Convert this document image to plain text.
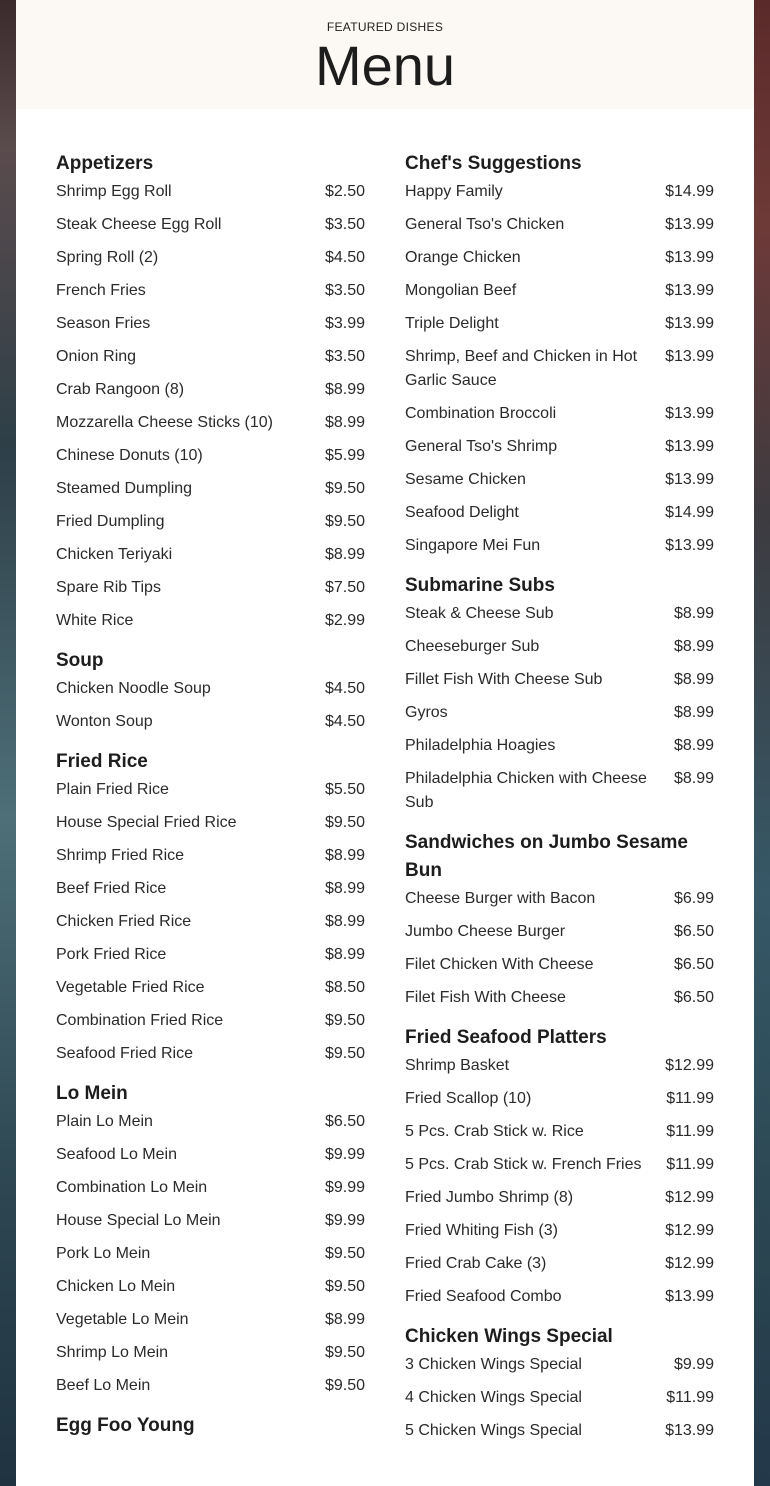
FEATURED DISHES
Menu
Appetizers
Shrimp Egg Roll	$2.50
Steak Cheese Egg Roll	$3.50
Spring Roll (2)	$4.50
French Fries	$3.50
Season Fries	$3.99
Onion Ring	$3.50
Crab Rangoon (8)	$8.99
Mozzarella Cheese Sticks (10)	$8.99
Chinese Donuts (10)	$5.99
Steamed Dumpling	$9.50
Fried Dumpling	$9.50
Chicken Teriyaki	$8.99
Spare Rib Tips	$7.50
White Rice	$2.99
Soup
Chicken Noodle Soup	$4.50
Wonton Soup	$4.50
Fried Rice
Plain Fried Rice	$5.50
House Special Fried Rice	$9.50
Shrimp Fried Rice	$8.99
Beef Fried Rice	$8.99
Chicken Fried Rice	$8.99
Pork Fried Rice	$8.99
Vegetable Fried Rice	$8.50
Combination Fried Rice	$9.50
Seafood Fried Rice	$9.50
Lo Mein
Plain Lo Mein	$6.50
Seafood Lo Mein	$9.99
Combination Lo Mein	$9.99
House Special Lo Mein	$9.99
Pork Lo Mein	$9.50
Chicken Lo Mein	$9.50
Vegetable Lo Mein	$8.99
Shrimp Lo Mein	$9.50
Beef Lo Mein	$9.50
Egg Foo Young
Chef's Suggestions
Happy Family	$14.99
General Tso's Chicken	$13.99
Orange Chicken	$13.99
Mongolian Beef	$13.99
Triple Delight	$13.99
Shrimp, Beef and Chicken in Hot Garlic Sauce
$13.99
Combination Broccoli	$13.99
General Tso's Shrimp	$13.99
Sesame Chicken	$13.99
Seafood Delight	$14.99
Singapore Mei Fun	$13.99
Submarine Subs
Steak & Cheese Sub	$8.99
Cheeseburger Sub	$8.99
Fillet Fish With Cheese Sub	$8.99
Gyros	$8.99
Philadelphia Hoagies	$8.99
Philadelphia Chicken with Cheese Sub
$8.99
Sandwiches on Jumbo Sesame Bun
Cheese Burger with Bacon	$6.99
Jumbo Cheese Burger	$6.50
Filet Chicken With Cheese	$6.50
Filet Fish With Cheese	$6.50
Fried Seafood Platters
Shrimp Basket	$12.99
Fried Scallop (10)	$11.99
5 Pcs. Crab Stick w. Rice	$11.99
5 Pcs. Crab Stick w. French Fries	$11.99
Fried Jumbo Shrimp (8)	$12.99
Fried Whiting Fish (3)	$12.99
Fried Crab Cake (3)	$12.99
Fried Seafood Combo	$13.99
Chicken Wings Special
3 Chicken Wings Special	$9.99
4 Chicken Wings Special	$11.99
5 Chicken Wings Special	$13.99
